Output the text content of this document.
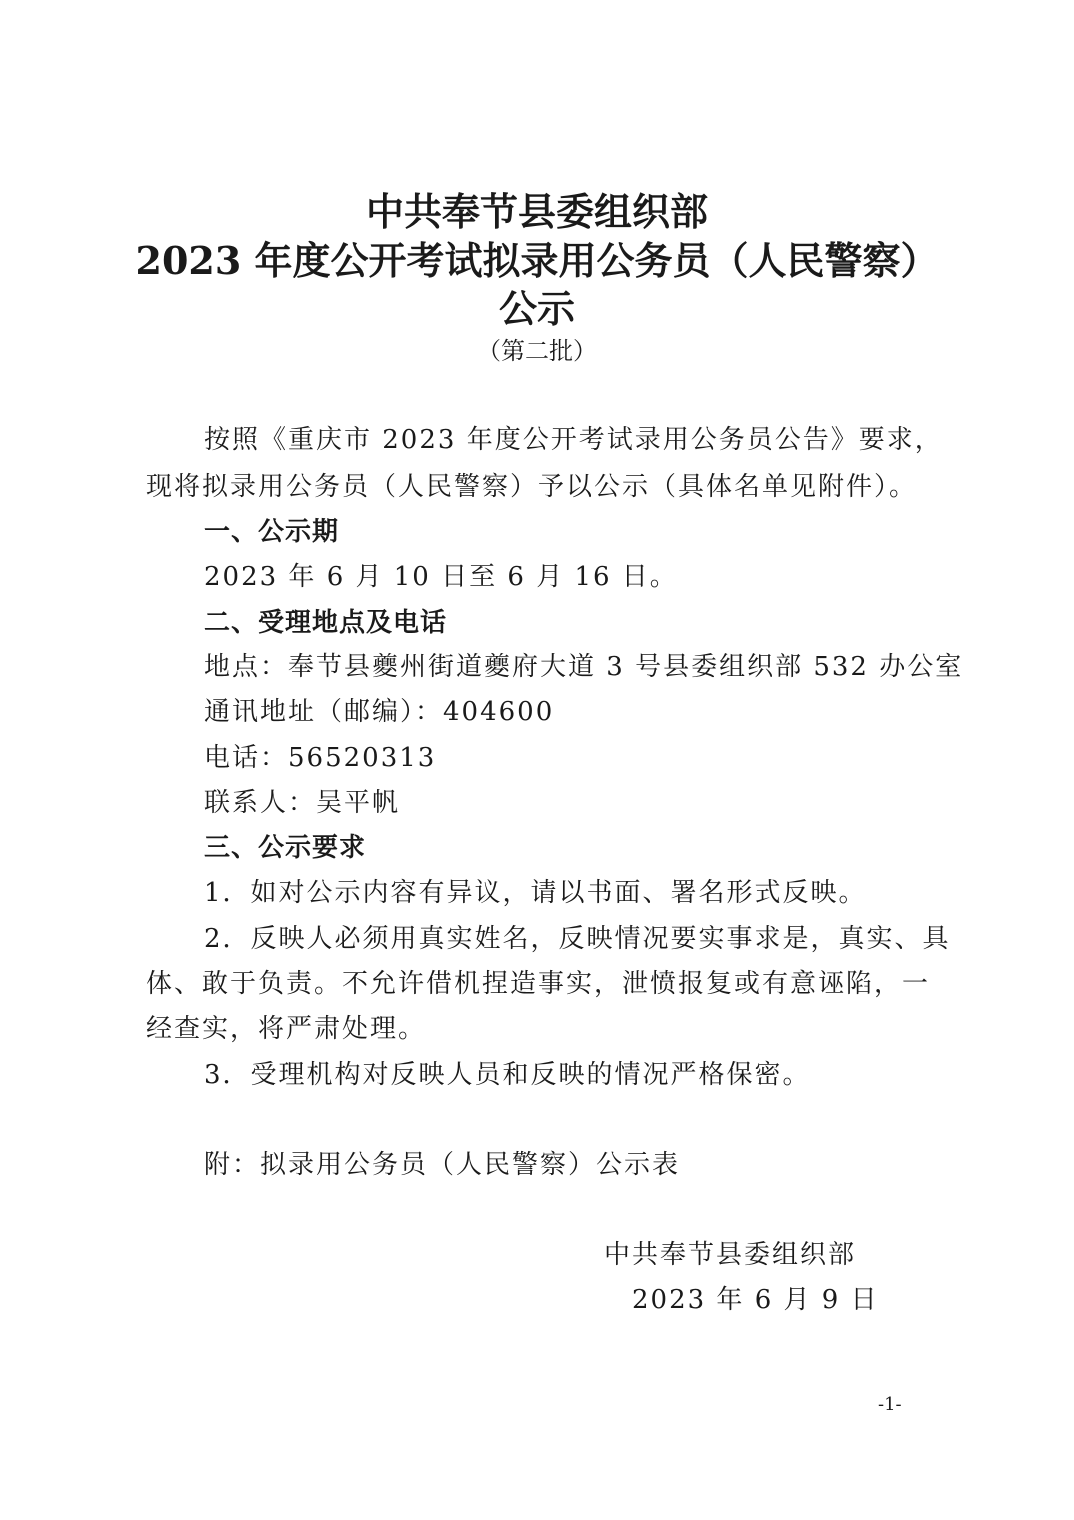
中共奉节县委组织部
2023 年度公开考试拟录用公务员（人民警察）
公示
（第二批）
按照《重庆市 2023 年度公开考试录用公务员公告》要求，
现将拟录用公务员（人民警察）予以公示（具体名单见附件）。
一、公示期
2023 年 6 月 10 日至 6 月 16 日。
二、受理地点及电话
地点：奉节县夔州街道夔府大道 3 号县委组织部 532 办公室
通讯地址（邮编）：404600
电话：56520313
联系人：吴平帆
三、公示要求
1．如对公示内容有异议，请以书面、署名形式反映。
2．反映人必须用真实姓名，反映情况要实事求是，真实、具
体、敢于负责。不允许借机捏造事实，泄愤报复或有意诬陷，一
经查实，将严肃处理。
3．受理机构对反映人员和反映的情况严格保密。
附：拟录用公务员（人民警察）公示表
中共奉节县委组织部
2023 年 6 月 9 日
-1-
